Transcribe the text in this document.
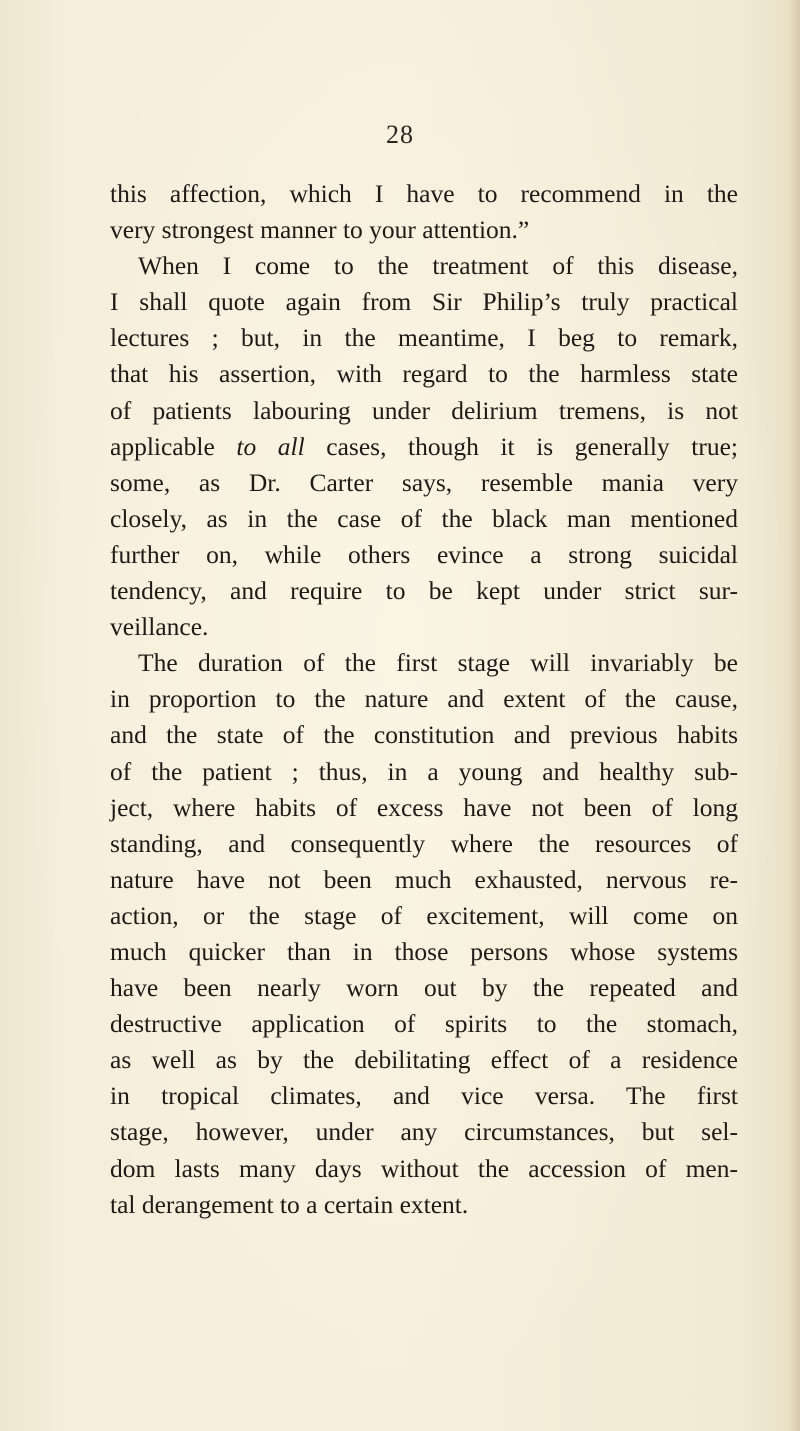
28
this affection, which I have to recommend in the
very strongest manner to your attention.”
When I come to the treatment of this disease,
I shall quote again from Sir Philip’s truly practical
lectures ; but, in the meantime, I beg to remark,
that his assertion, with regard to the harmless state
of patients labouring under delirium tremens, is not
applicable to all cases, though it is generally true;
some, as Dr. Carter says, resemble mania very
closely, as in the case of the black man mentioned
further on, while others evince a strong suicidal
tendency, and require to be kept under strict sur-
veillance.
The duration of the first stage will invariably be
in proportion to the nature and extent of the cause,
and the state of the constitution and previous habits
of the patient ; thus, in a young and healthy sub-
ject, where habits of excess have not been of long
standing, and consequently where the resources of
nature have not been much exhausted, nervous re-
action, or the stage of excitement, will come on
much quicker than in those persons whose systems
have been nearly worn out by the repeated and
destructive application of spirits to the stomach,
as well as by the debilitating effect of a residence
in tropical climates, and vice versa. The first
stage, however, under any circumstances, but sel-
dom lasts many days without the accession of men-
tal derangement to a certain extent.
